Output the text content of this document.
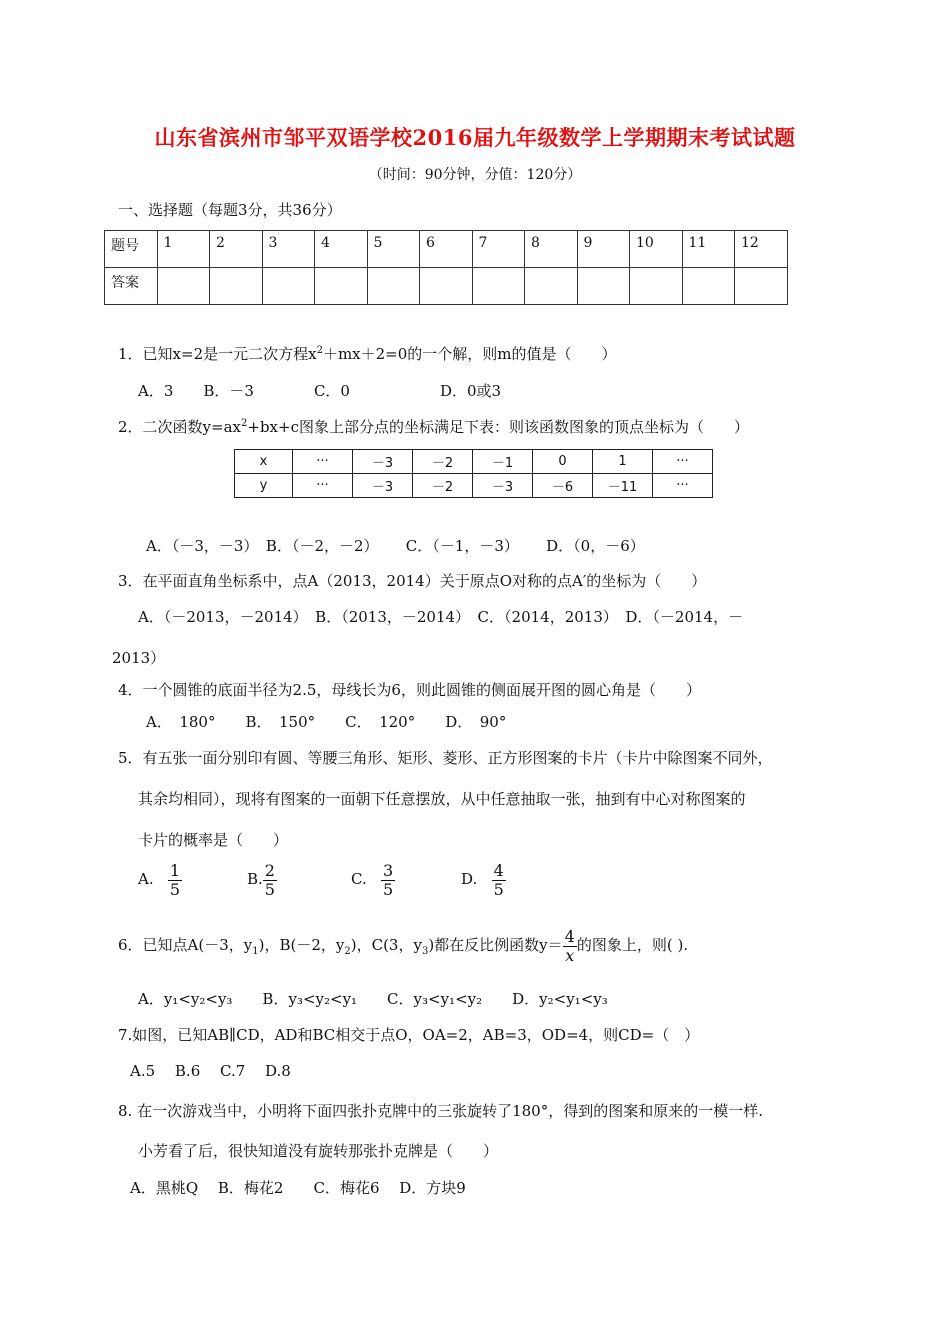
山东省滨州市邹平双语学校2016届九年级数学上学期期末考试试题
（时间：90分钟，分值：120分）
一、选择题（每题3分，共36分）
题号	1	2	3	4	5	6	7	8	9	10	11	12
答案												
1．已知x=2是一元二次方程$x^2+mx+2=0$的一个解，则m的值是（　　）
A．3　　B．－3　　　　C．0　　　　　　D．0或3
2．二次函数$y=ax^2+bx+c$图象上部分点的坐标满足下表：则该函数图象的顶点坐标为（　　）
x	···	－3	－2	－1	0	1	···
y	···	－3	－2	－3	－6	－11	···
A．（－3，－3）　B．（－2，－2）　　 C．（－1，－3）　　 D．（0，－6）
3．在平面直角坐标系中，点A（2013，2014）关于原点O对称的点A′的坐标为（　　）
A．（－2013，－2014）　B．（2013，－2014）　C．（2014，2013）　D．（－2014，－
2013）
4．一个圆锥的底面半径为2.5，母线长为6，则此圆锥的侧面展开图的圆心角是（　　）
A．　180°　　B．　150°　　C．　120°　　D．　90°
5．有五张一面分别印有圆、等腰三角形、矩形、菱形、正方形图案的卡片（卡片中除图案不同外，
其余均相同），现将有图案的一面朝下任意摆放，从中任意抽取一张，抽到有中心对称图案的
卡片的概率是（　　）
A. $\frac{1}{5}$	B. $\frac{2}{5}$	C. $\frac{3}{5}$	D. $\frac{4}{5}$
6．已知点A(－3，$y_1$)，B(－2，$y_2$)，C(3，$y_3$)都在反比例函数$y= \frac{4}{x}$ 的图象上，则( ).
A．y₁<y₂<y₃　　B．y₃<y₂<y₁　　C．y₃<y₁<y₂　　D．y₂<y₁<y₃
7.如图，已知AB∥CD，AD和BC相交于点O，OA=2，AB=3，OD=4，则CD=（　）
A.5　 B.6　 C.7　 D.8
8. 在一次游戏当中，小明将下面四张扑克牌中的三张旋转了180°，得到的图案和原来的一模一样.
小芳看了后，很快知道没有旋转那张扑克牌是（　　）
A．黑桃Q　 B．梅花2　　C．梅花6　 D．方块9
